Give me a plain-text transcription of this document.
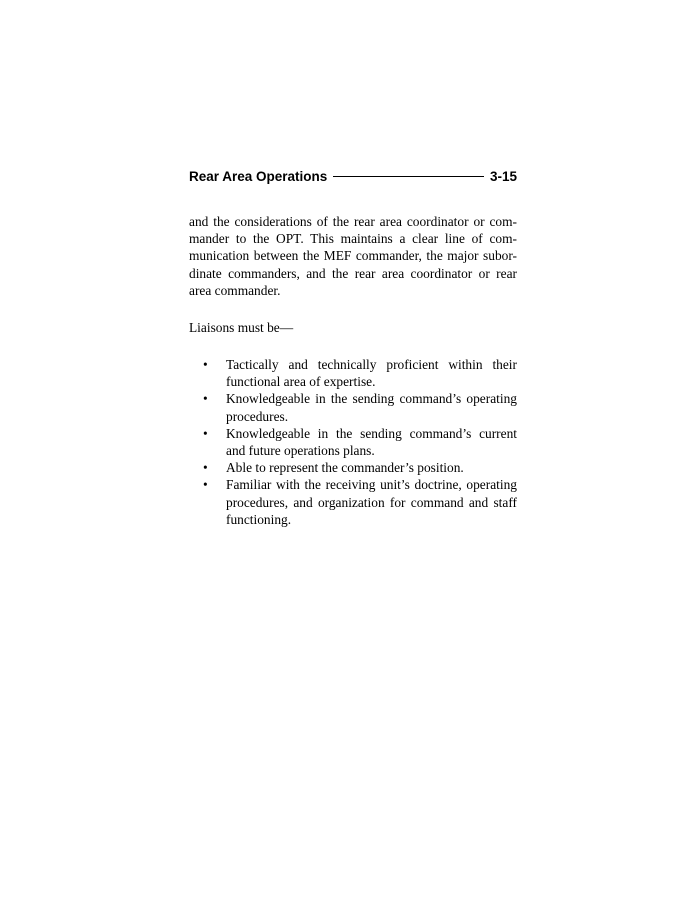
Rear Area Operations	3-15
and the considerations of the rear area coordinator or com-
mander to the OPT. This maintains a clear line of com-
munication between the MEF commander, the major subor-
dinate commanders, and the rear area coordinator or rear
area commander.
Liaisons must be—
• Tactically and technically proficient within their
functional area of expertise.
• Knowledgeable in the sending command’s operating
procedures.
• Knowledgeable in the sending command’s current
and future operations plans.
• Able to represent the commander’s position.
• Familiar with the receiving unit’s doctrine, operating
procedures, and organization for command and staff
functioning.
